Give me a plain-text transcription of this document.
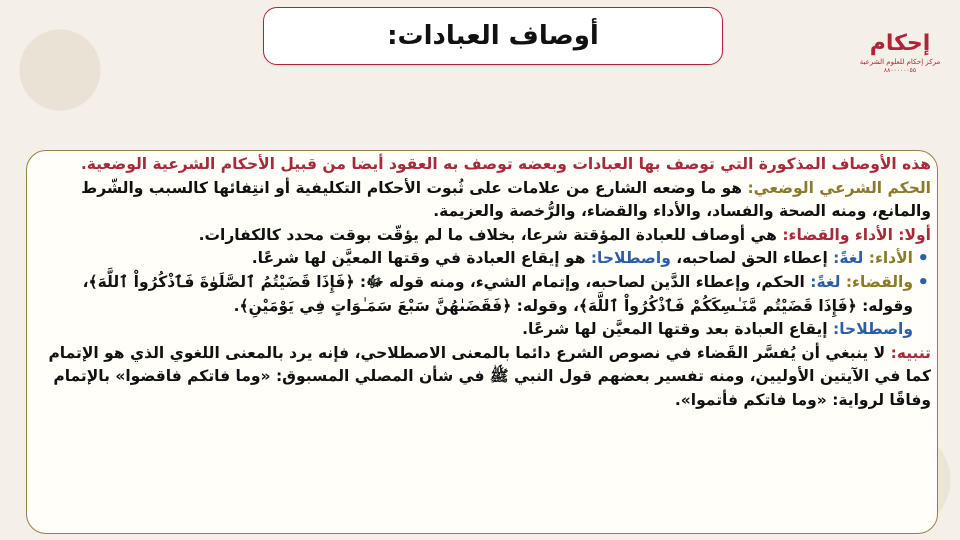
أوصاف العبادات:	إحكام
مركز إحكام للعلوم الشرعية
٨٨٠٠٠٠٠٠٥٥

هذه الأوصاف المذكورة التي توصف بها العبادات وبعضه توصف به العقود أيضا من قبيل الأحكام الشرعية الوضعية.

الحكم الشرعي الوضعي: هو ما وضعه الشارع من علامات على ثُبوت الأحكام التكليفية أو انتِفائها كالسبب والشّرط والمانع، ومنه الصحة والفساد، والأداء والقضاء، والرُّخصة والعزيمة.

أولا: الأداء والقضاء: هي أوصاف للعبادة المؤقتة شرعا، بخلاف ما لم يؤقّت بوقت محدد كالكفارات.

• الأداء: لغةً: إعطاء الحق لصاحبه، واصطلاحا: هو إيقاع العبادة في وقتها المعيَّن لها شرعًا.
• والقضاء: لغةً: الحكم، وإعطاء الدَّين لصاحبه، وإتمام الشيء، ومنه قوله ﷻ: ﴿فَإِذَا قَضَيْتُمُ ٱلصَّلَوٰةَ فَٱذْكُرُواْ ٱللَّهَ﴾، وقوله: ﴿فَإِذَا قَضَيْتُم مَّنَـٰسِكَكُمْ فَٱذْكُرُواْ ٱللَّهَ﴾، وقوله: ﴿فَقَضَىٰهُنَّ سَبْعَ سَمَـٰوَاتٍ فِي يَوْمَيْنِ﴾.
واصطلاحا: إيقاع العبادة بعد وقتها المعيَّن لها شرعًا.

تنبيه: لا ينبغي أن يُفسَّر القَضاء في نصوص الشرع دائما بالمعنى الاصطلاحي، فإنه يرد بالمعنى اللغوي الذي هو الإتمام كما في الآيتين الأوليين، ومنه تفسير بعضهم قول النبي ﷺ في شأن المصلي المسبوق: «وما فاتكم فاقضوا» بالإتمام وفاقًا لرواية: «وما فاتكم فأتموا».
